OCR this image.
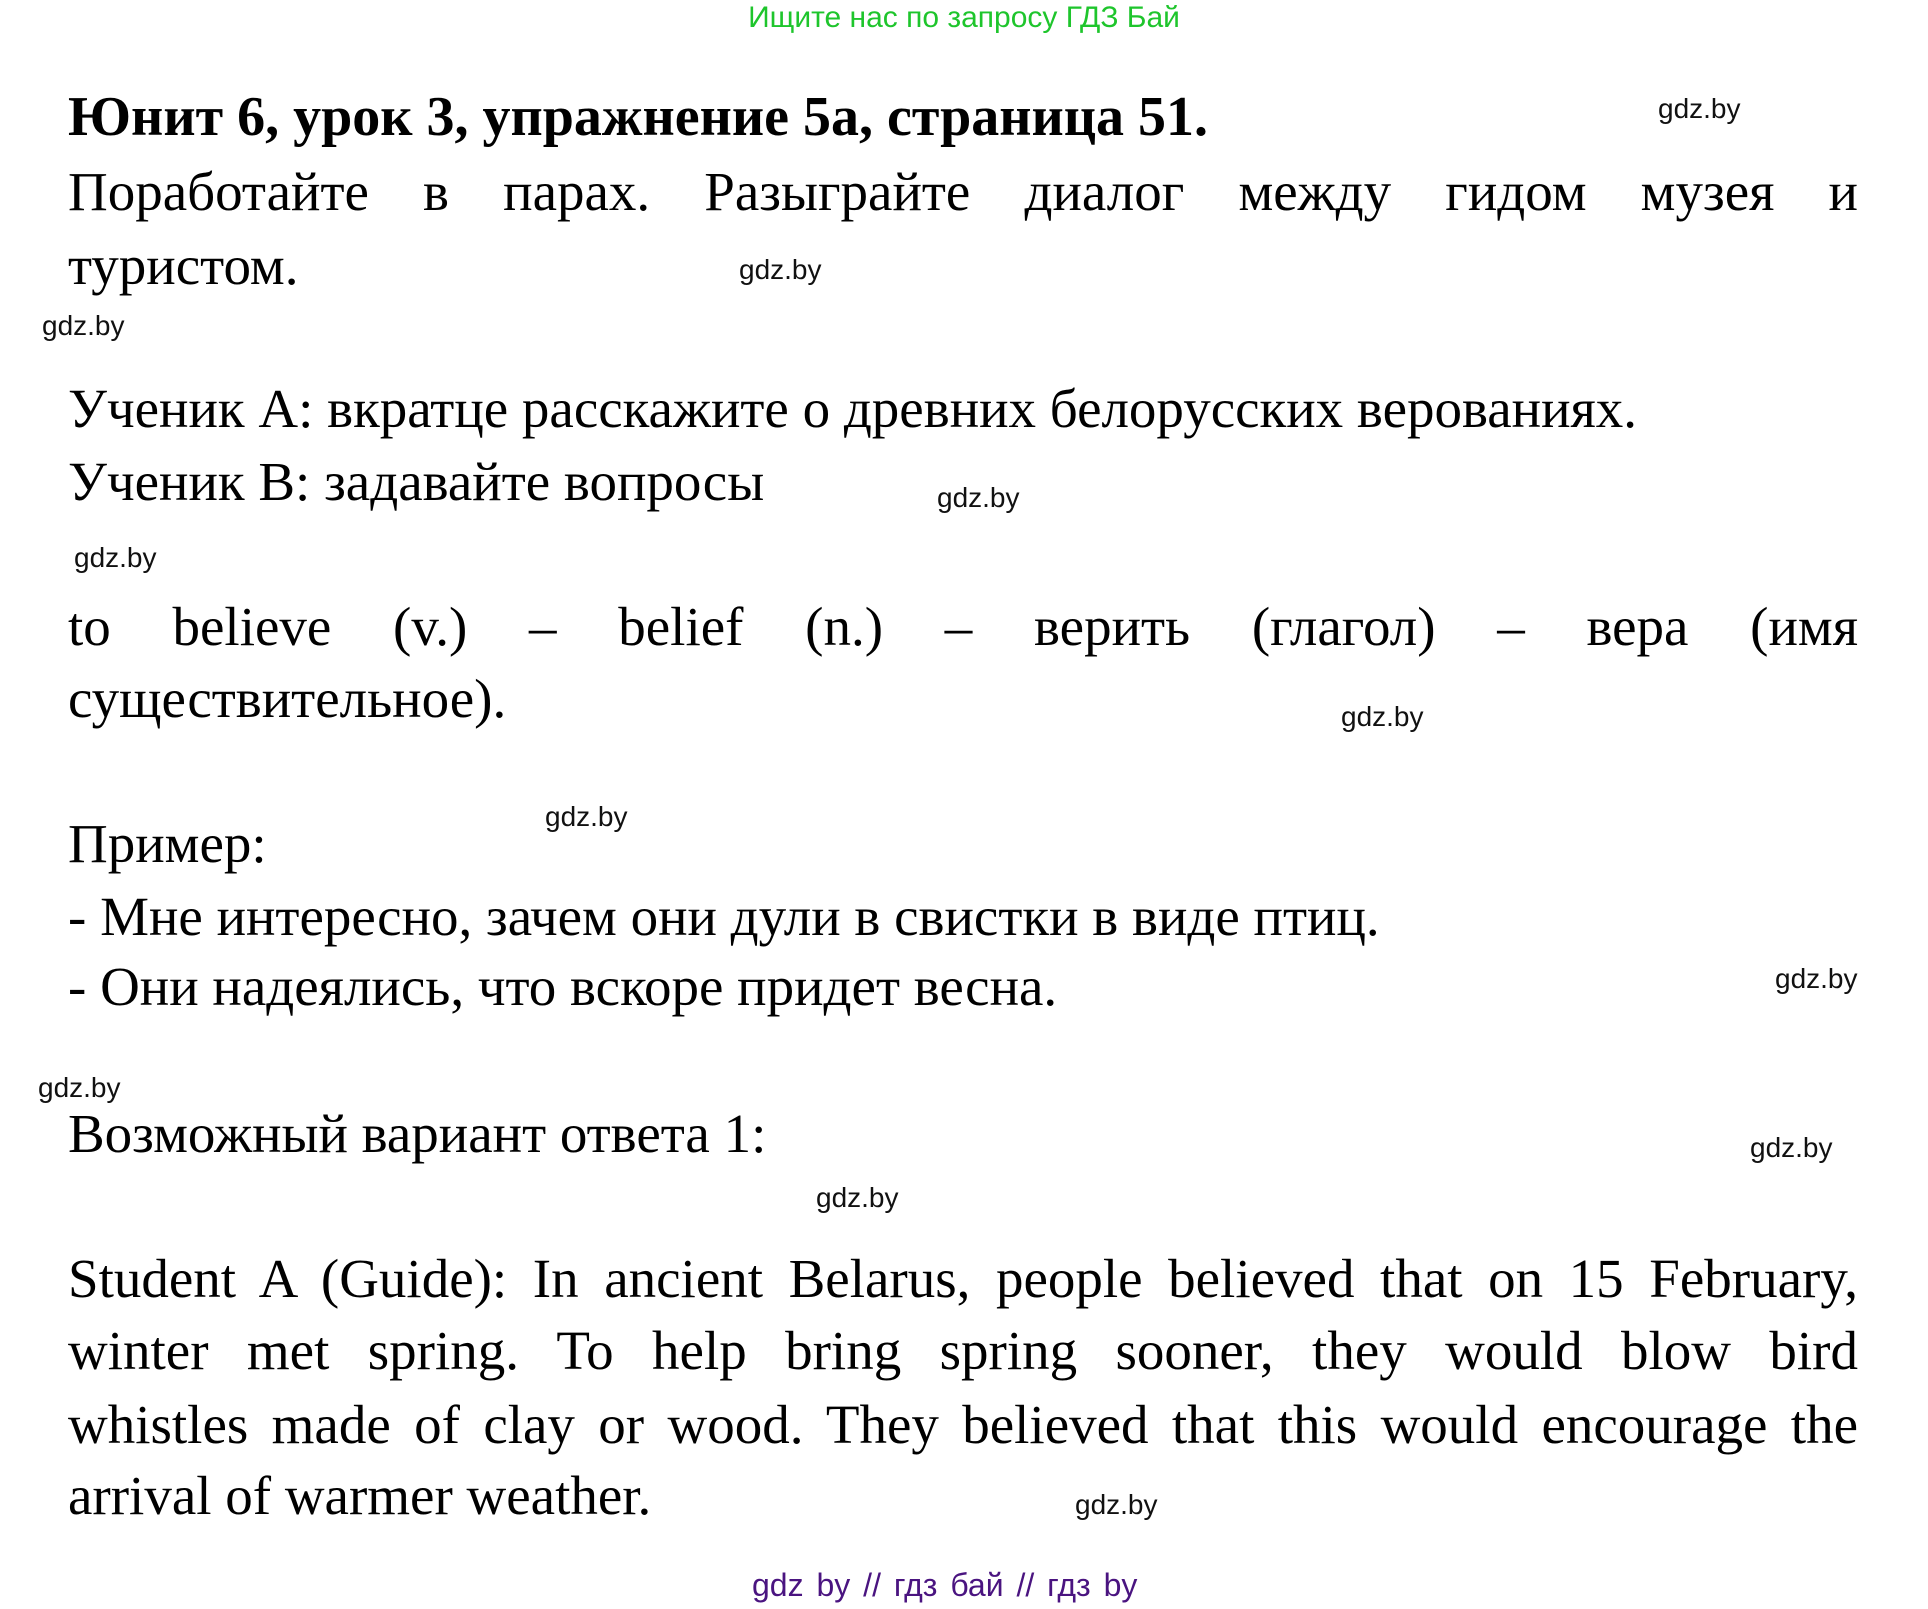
Ищите нас по запросу ГДЗ Бай
Юнит 6, урок 3, упражнение 5а, страница 51.
Поработайте в парах. Разыграйте диалог между гидом музея и
туристом.
Ученик A: вкратце расскажите о древних белорусских верованиях.
Ученик B: задавайте вопросы
to believe (v.) – belief (n.) – верить (глагол) – вера (имя
существительное).
Пример:
- Мне интересно, зачем они дули в свистки в виде птиц.
- Они надеялись, что вскоре придет весна.
Возможный вариант ответа 1:
Student A (Guide): In ancient Belarus, people believed that on 15 February,
winter met spring. To help bring spring sooner, they would blow bird
whistles made of clay or wood. They believed that this would encourage the
arrival of warmer weather.
gdz.by
gdz.by
gdz.by
gdz.by
gdz.by
gdz.by
gdz.by
gdz.by
gdz.by
gdz.by
gdz.by
gdz.by
gdz by // гдз бай // гдз by
